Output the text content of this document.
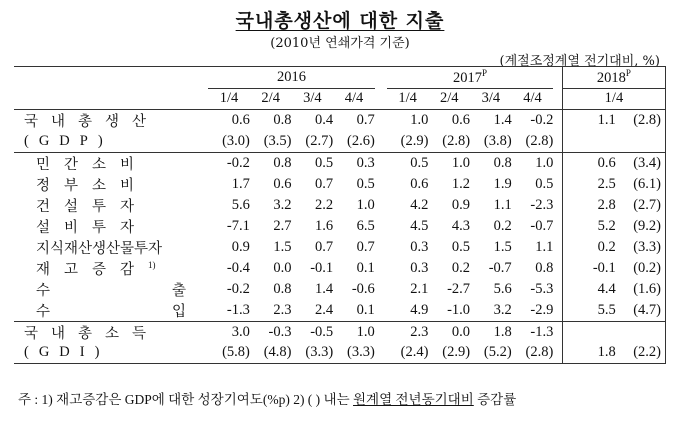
국내총생산에 대한 지출
(2010년 연쇄가격 기준)
(계절조정계열 전기대비, %)
	2016					$2017^P$					$2018^P$
	1/4	2/4	3/4	4/4		1/4	2/4	3/4	4/4		1/4	
국내총생산	0.6	0.8	0.4	0.7		1.0	0.6	1.4	-0.2		1.1	(2.8)
(GDP)	(3.0)	(3.5)	(2.7)	(2.6)		(2.9)	(2.8)	(3.8)	(2.8)			
민간소비	-0.2	0.8	0.5	0.3		0.5	1.0	0.8	1.0		0.6	(3.4)
정부소비	1.7	0.6	0.7	0.5		0.6	1.2	1.9	0.5		2.5	(6.1)
건설투자	5.6	3.2	2.2	1.0		4.2	0.9	1.1	-2.3		2.8	(2.7)
설비투자	-7.1	2.7	1.6	6.5		4.5	4.3	0.2	-0.7		5.2	(9.2)
지식재산생산물투자	0.9	1.5	0.7	0.7		0.3	0.5	1.5	1.1		0.2	(3.3)
재고증감$^{1)}$	-0.4	0.0	-0.1	0.1		0.3	0.2	-0.7	0.8		-0.1	(0.2)

수 출	-0.2	0.8	1.4	-0.6		2.1	-2.7	5.6	-5.3		4.4	(1.6)

수 입	-1.3	2.3	2.4	0.1		4.9	-1.0	3.2	-2.9		5.5	(4.7)
국내총소득	3.0	-0.3	-0.5	1.0		2.3	0.0	1.8	-1.3			
(GDI)	(5.8)	(4.8)	(3.3)	(3.3)		(2.4)	(2.9)	(5.2)	(2.8)		1.8	(2.2)
주 : 1) 재고증감은 GDP에 대한 성장기여도(%p) 2) ( ) 내는 원계열 전년동기대비 증감률
